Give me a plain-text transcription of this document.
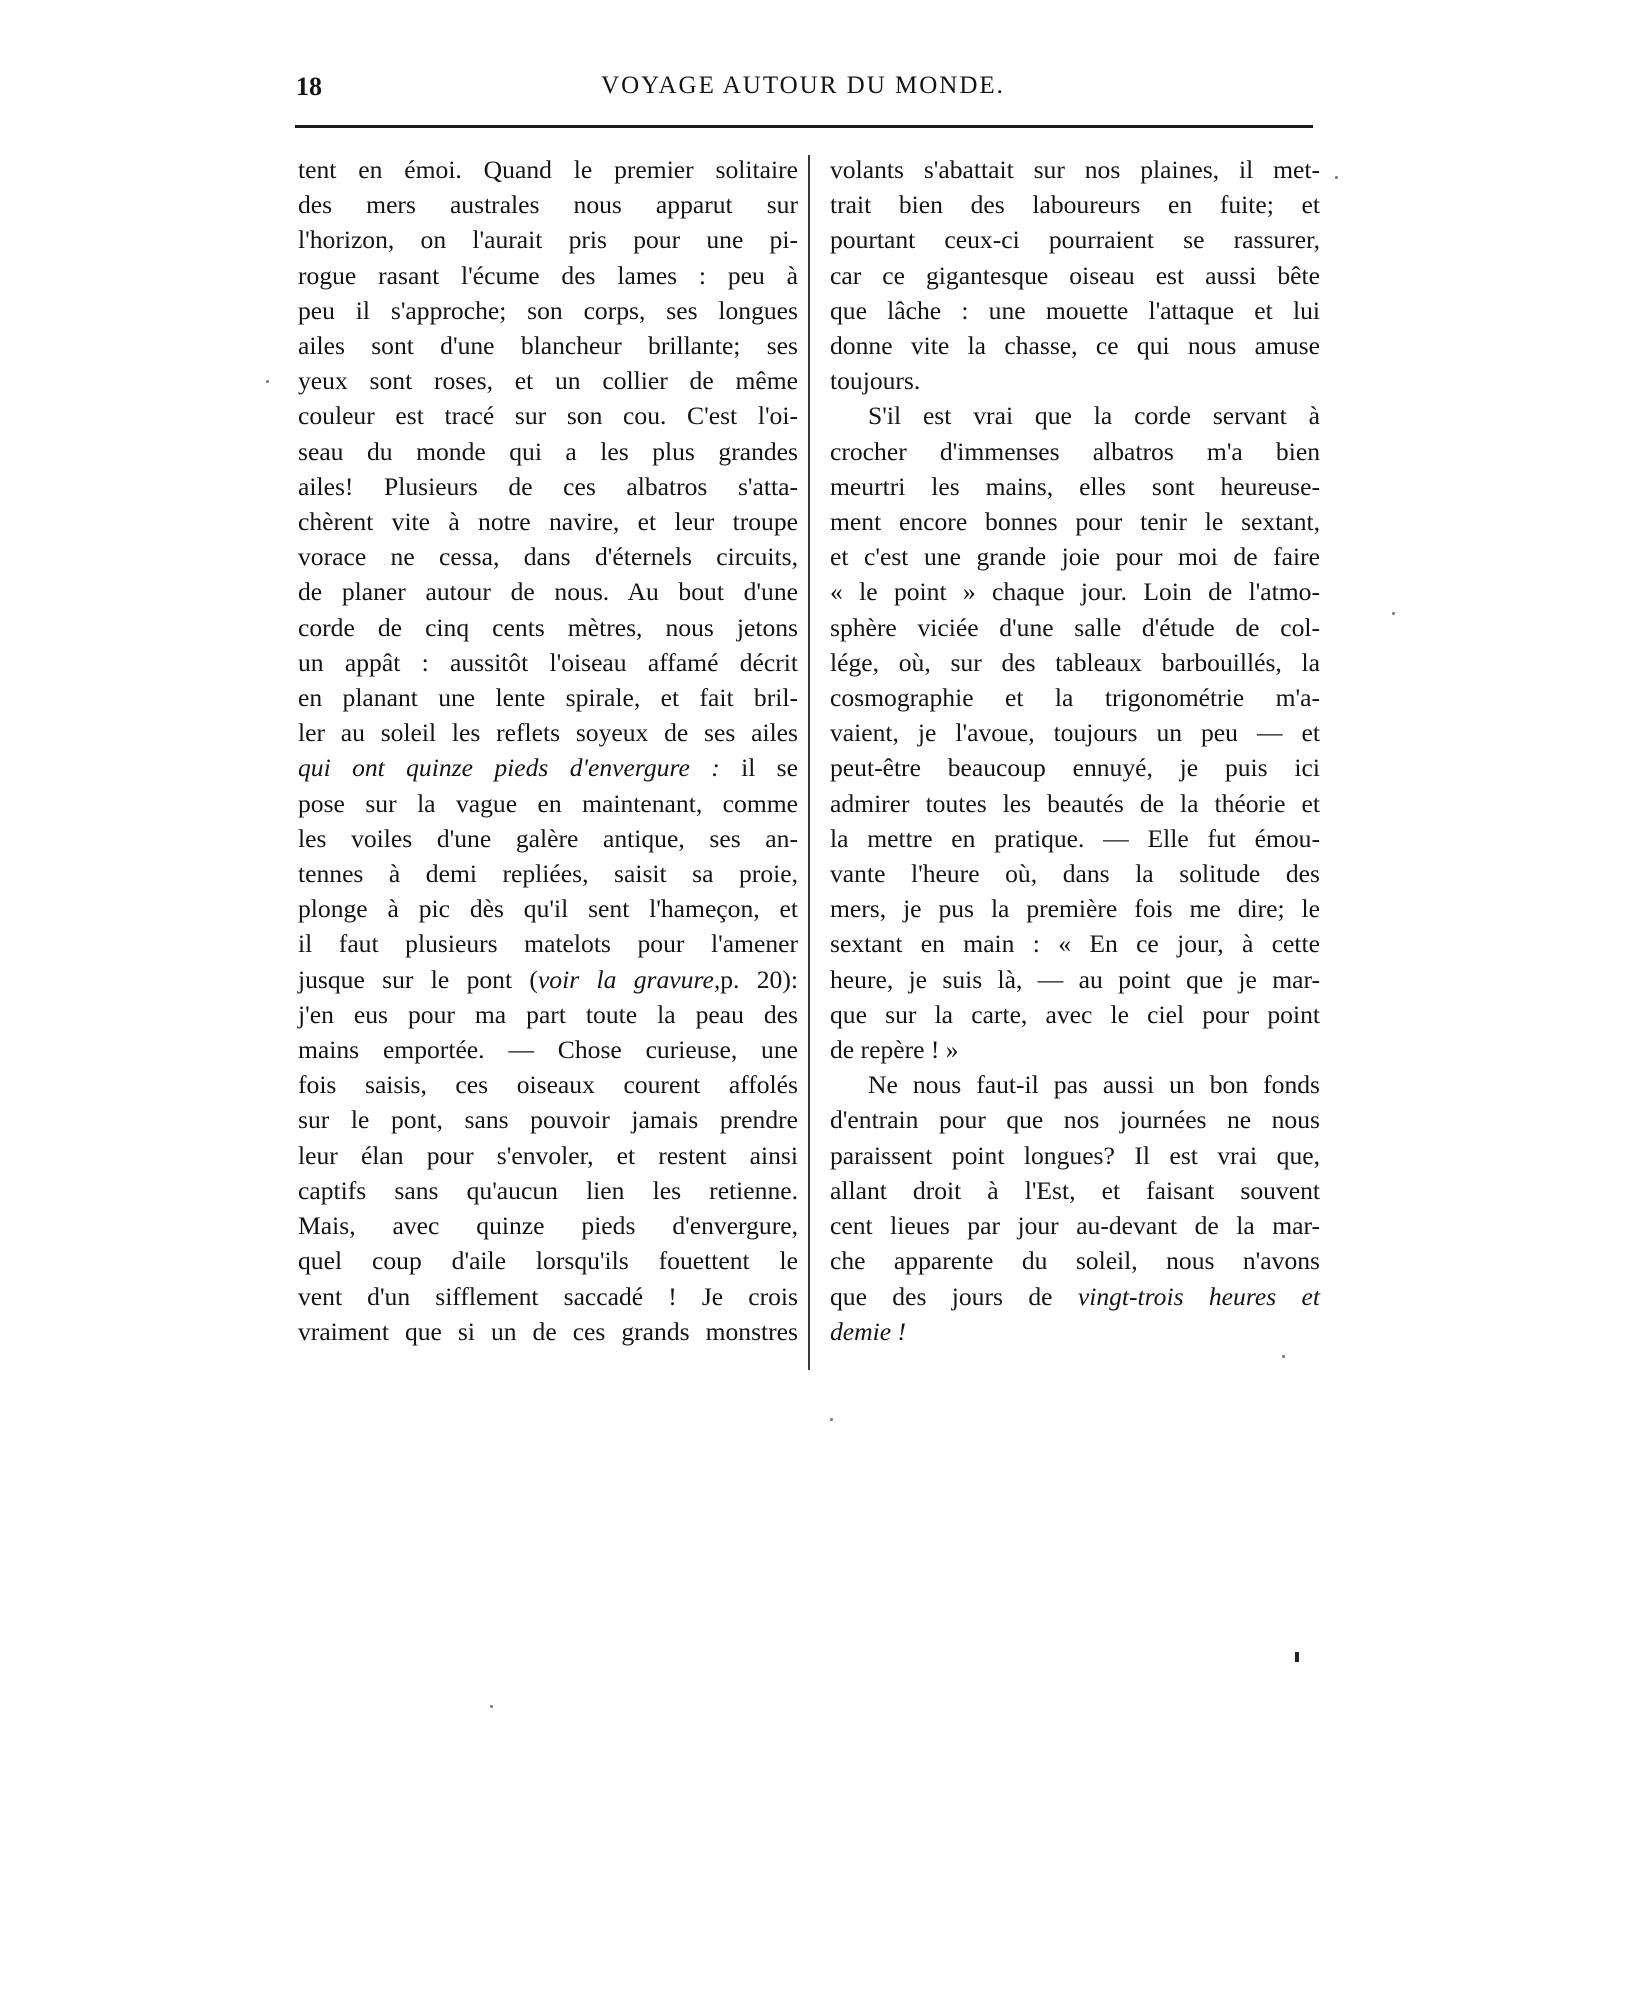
18	VOYAGE AUTOUR DU MONDE.
tent en émoi. Quand le premier solitaire
des mers australes nous apparut sur
l'horizon, on l'aurait pris pour une pi-
rogue rasant l'écume des lames : peu à
peu il s'approche; son corps, ses longues
ailes sont d'une blancheur brillante; ses
yeux sont roses, et un collier de même
couleur est tracé sur son cou. C'est l'oi-
seau du monde qui a les plus grandes
ailes! Plusieurs de ces albatros s'atta-
chèrent vite à notre navire, et leur troupe
vorace ne cessa, dans d'éternels circuits,
de planer autour de nous. Au bout d'une
corde de cinq cents mètres, nous jetons
un appât : aussitôt l'oiseau affamé décrit
en planant une lente spirale, et fait bril-
ler au soleil les reflets soyeux de ses ailes
qui ont quinze pieds d'envergure : il se
pose sur la vague en maintenant, comme
les voiles d'une galère antique, ses an-
tennes à demi repliées, saisit sa proie,
plonge à pic dès qu'il sent l'hameçon, et
il faut plusieurs matelots pour l'amener
jusque sur le pont (voir la gravure,p. 20):
j'en eus pour ma part toute la peau des
mains emportée. — Chose curieuse, une
fois saisis, ces oiseaux courent affolés
sur le pont, sans pouvoir jamais prendre
leur élan pour s'envoler, et restent ainsi
captifs sans qu'aucun lien les retienne.
Mais, avec quinze pieds d'envergure,
quel coup d'aile lorsqu'ils fouettent le
vent d'un sifflement saccadé ! Je crois
vraiment que si un de ces grands monstres
volants s'abattait sur nos plaines, il met-
trait bien des laboureurs en fuite; et
pourtant ceux-ci pourraient se rassurer,
car ce gigantesque oiseau est aussi bête
que lâche : une mouette l'attaque et lui
donne vite la chasse, ce qui nous amuse
toujours.
S'il est vrai que la corde servant à
crocher d'immenses albatros m'a bien
meurtri les mains, elles sont heureuse-
ment encore bonnes pour tenir le sextant,
et c'est une grande joie pour moi de faire
« le point » chaque jour. Loin de l'atmo-
sphère viciée d'une salle d'étude de col-
lége, où, sur des tableaux barbouillés, la
cosmographie et la trigonométrie m'a-
vaient, je l'avoue, toujours un peu — et
peut-être beaucoup ennuyé, je puis ici
admirer toutes les beautés de la théorie et
la mettre en pratique. — Elle fut émou-
vante l'heure où, dans la solitude des
mers, je pus la première fois me dire; le
sextant en main : « En ce jour, à cette
heure, je suis là, — au point que je mar-
que sur la carte, avec le ciel pour point
de repère ! »
Ne nous faut-il pas aussi un bon fonds
d'entrain pour que nos journées ne nous
paraissent point longues? Il est vrai que,
allant droit à l'Est, et faisant souvent
cent lieues par jour au-devant de la mar-
che apparente du soleil, nous n'avons
que des jours de vingt-trois heures et
demie !
